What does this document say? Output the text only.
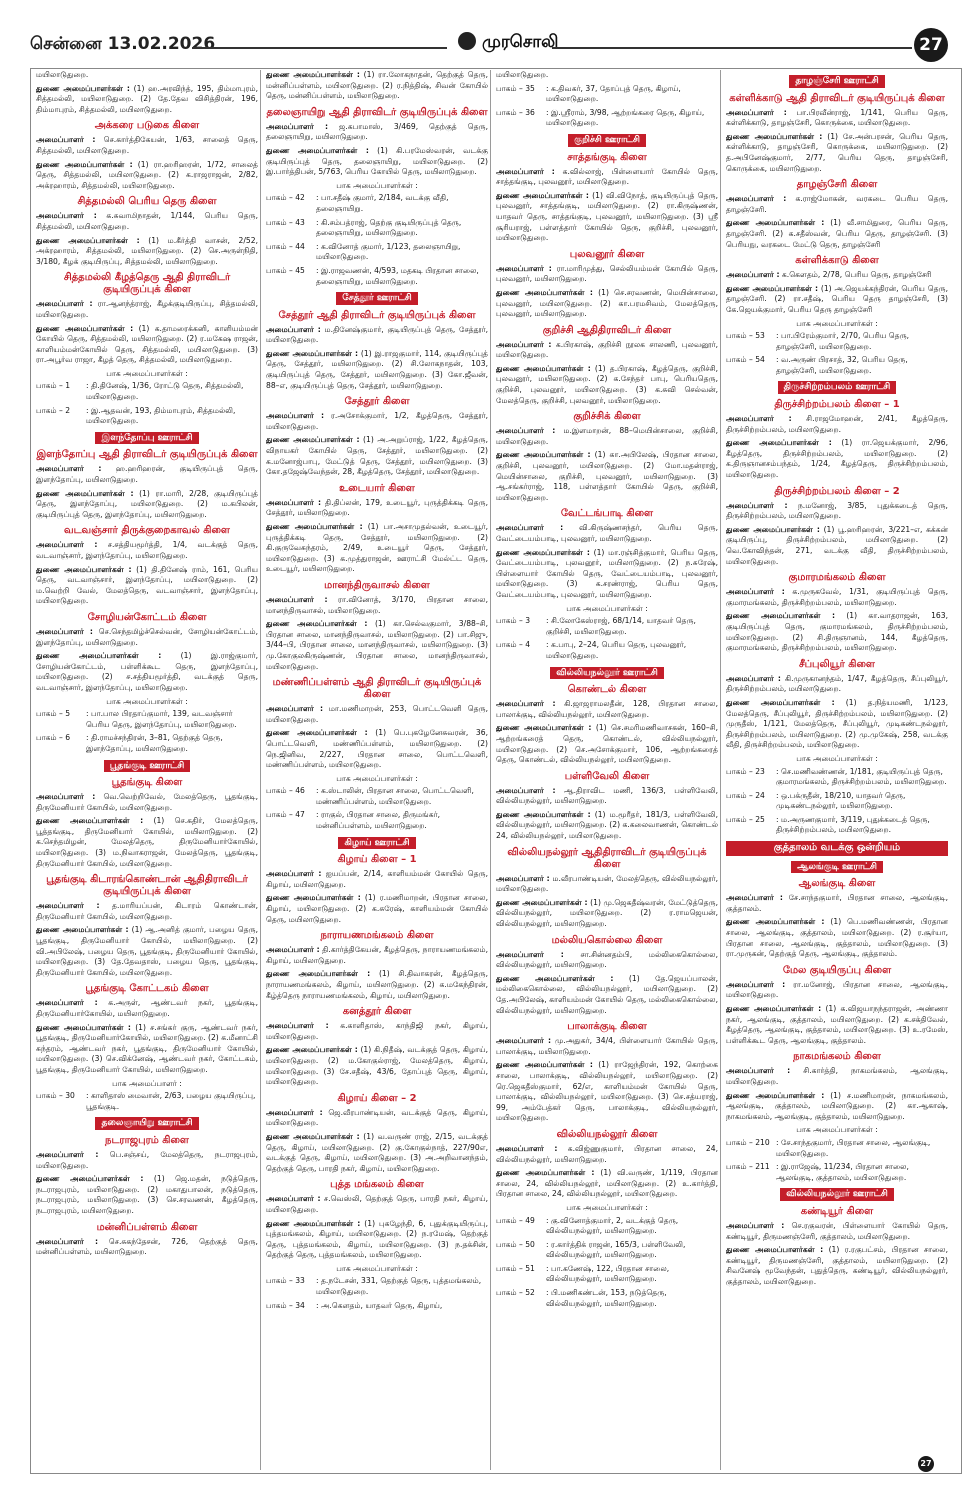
சென்னை 13.02.2026	முரசொலி	27

மயிலாடுதுறை.

துணை அமைப்பாளர்கள் : (1) ஹ.அரவிந்த், 195, திம்மாபுரம், சித்தமல்லி, மயிலாடுதுறை. (2) தே.தேவ விசித்திரன், 196, திம்மாபுரம், சித்தமல்லி, மயிலாடுதுறை.

அக்கரை படுகை கிளை

அமைப்பாளர் : செ.கார்த்திகேயன், 1/63, சாலைத் தெரு, சித்தமல்லி, மயிலாடுதுறை.

துணை அமைப்பாளர்கள் : (1) ரா.ஹரிஹரன், 1/72, சாலைத் தெரு, சித்தமல்லி, மயிலாடுதுறை. (2) க.ராஜராஜன், 2/82, அக்ரஹாரம், சித்தமல்லி, மயிலாடுதுறை.

சித்தமல்லி பெரிய தெரு கிளை

அமைப்பாளர் : க.சுவாமிநாதன், 1/144, பெரிய தெரு, சித்தமல்லி, மயிலாடுதுறை.

துணை அமைப்பாளர்கள் : (1) ம.கீர்த்தி வாசன், 2/52, அக்ரஹாரம், சித்தமல்லி, மயிலாடுதுறை. (2) செ.அருள்நிதி, 3/180, கீழக் குடியிருப்பு, சித்தமல்லி, மயிலாடுதுறை.

சித்தமல்லி கீழத்தெரு ஆதி திராவிடர் குடியிருப்புக் கிளை

அமைப்பாளர் : ரா.ஆனந்த்ராஜ், கீழக்குடியிருப்பு, சித்தமல்லி, மயிலாடுதுறை.

துணை அமைப்பாளர்கள் : (1) க.தாமரைக்கனி, காளியம்மன் கோயில் தெரு, சித்தமல்லி, மயிலாடுதுறை. (2) ர.மகேஷ ராஜன், காளியம்மன்கோயில் தெரு, சித்தமல்லி, மயிலாடுதுறை. (3) ரா.அபூர்வ ராஜா, கீழத் தெரு, சித்தமல்லி, மயிலாடுதுறை.

பாக அமைப்பாளர்கள் :
பாகம் – 1	: தி.தினேஷ், 1/36, ரோட்டு தெரு, சித்தமல்லி, மயிலாடுதுறை.
பாகம் – 2	: இ.ஆதவன், 193, திம்மாபுரம், சித்தமல்லி, மயிலாடுதுறை.
இளந்தோப்பு ஊராட்சி
இளந்தோப்பு ஆதி திராவிடர் குடியிருப்புக் கிளை

அமைப்பாளர் : ஹ.ஹரிஹரன், குடியிருப்புத் தெரு, இளந்தோப்பு, மயிலாடுதுறை.

துணை அமைப்பாளர்கள் : (1) ரா.மாரி, 2/28, குடியிருப்புத் தெரு, இளந்தோப்பு, மயிலாடுதுறை. (2) ம.கபிலன், குடியிருப்புத் தெரு, இளந்தோப்பு, மயிலாடுதுறை.

வடவஞ்சார் திருக்குறைகாவல் கிளை

அமைப்பாளர் : ச.சத்தியமூர்த்தி, 1/4, வடக்குத் தெரு, வடவாஞ்சார், இளந்தோப்பு, மயிலாடுதுறை.

துணை அமைப்பாளர்கள் : (1) தி.தினேஷ் ராம், 161, பெரிய தெரு, வடவாஞ்சார், இளந்தோப்பு, மயிலாடுதுறை. (2) ம.வெற்றி வேல், மேலத்தெரு, வடவாஞ்சார், இளந்தோப்பு, மயிலாடுதுறை.

சோழியன்கோட்டம் கிளை

அமைப்பாளர் : செ.செந்தமிழ்ச்செல்வன், சோழியன்கோட்டம், இளந்தோப்பு, மயிலாடுதுறை.

துணை அமைப்பாளர்கள் : (1) இ.ராஜ்குமார், சோழியன்கோட்டம், பள்ளிக்கூட தெரு, இளந்தோப்பு, மயிலாடுதுறை. (2) ச.சத்தியமூர்த்தி, வடக்குத் தெரு, வடவாஞ்சார், இளந்தோப்பு, மயிலாடுதுறை.

பாக அமைப்பாளர்கள் :
பாகம் – 5	: பா.பால பிரதாப்குமார், 139, வடவஞ்சார் பெரிய தெரு, இளந்தோப்பு, மயிலாடுதுறை.
பாகம் – 6	: தி.ராமச்சந்திரன், 3–81, தெற்குத் தெரு, இளந்தோப்பு, மயிலாடுதுறை.
பூதங்குடி ஊராட்சி
பூதங்குடி கிளை

அமைப்பாளர் : வெ.வெற்றிவேல், மேலத்தெரு, பூதங்குடி, திருமேனியார் கோயில், மயிலாடுதுறை.

துணை அமைப்பாளர்கள் : (1) செ.கதிர், மேலத்தெரு, பூத்தங்குடி, திருமேனியார் கோயில், மயிலாடுதுறை. (2) க.செந்தமிழன், மேலத்தெரு, திருமேனியார்கோயில், மயிலாடுதுறை. (3) ம.நிவாசுராஜன், மேலத்தெரு, பூதங்குடி, திருமேனியார் கோயில், மயிலாடுதுறை.

பூதங்குடி கிடாரங்கொண்டான் ஆதிதிராவிடர் குடியிருப்புக் கிளை

அமைப்பாளர் : த.மாரியப்பன், கிடாரம் கொண்டான், திருமேனியார் கோயில், மயிலாடுதுறை.

துணை அமைப்பாளர்கள் : (1) ஆ.அனித் குமார், பழைய தெரு, பூதங்குடி, திருமேனியார் கோயில், மயிலாடுதுறை. (2) வி.அபிலேஷ், பழைய தெரு, பூதங்குடி, திருமேனியார் கோயில், மயிலாடுதுறை. (3) தே.தேவதாஸ், பழைய தெரு, பூதங்குடி, திருமேனியார் கோயில், மயிலாடுதுறை.

பூதங்குடி கோட்டகம் கிளை

அமைப்பாளர் : க.அருள், ஆண்டவர் நகர், பூதங்குடி, திருமேனியார்கோயில், மயிலாடுதுறை.

துணை அமைப்பாளர்கள் : (1) ச.சங்கர் குரு, ஆண்டவர் நகர், பூதங்குடி, திருமேனியார்கோயில், மயிலாடுதுறை. (2) க.மீனாட்சி சுந்தரம், ஆண்டவர் நகர், பூதங்குடி, திருமேனியார் கோயில், மயிலாடுதுறை. (3) செ.விக்னேஷ், ஆண்டவர் நகர், கோட்டகம், பூதங்குடி, திருமேனியார் கோயில், மயிலாடுதுறை.

பாக அமைப்பாளர் :
பாகம் – 30	: காளிதாஸ் மைவான், 2/63, பழைய குடியிருப்பு, பூதங்குடி.
தலைஞாயிறு ஊராட்சி
நடராஜபுரம் கிளை

அமைப்பாளர் : பெ.சஞ்சய், மேலத்தெரு, நடராஜபுரம், மயிலாடுதுறை.

துணை அமைப்பாளர்கள் : (1) ஜெ.மதன், நடுத்தெரு, நடராஜபுரம், மயிலாடுதுறை. (2) மகாதுபாலன், நடுத்தெரு, நடராஜபுரம், மயிலாடுதுறை. (3) செ.சரவணன், கீழத்தெரு, நடராஜபுரம், மயிலாடுதுறை.

மன்னிப்பள்ளம் கிளை

அமைப்பாளர் : செ.சுகந்தேசன், 726, தெற்குத் தெரு, மன்னிப்பள்ளம், மயிலாடுதுறை.

துணை அமைப்பாளர்கள் : (1) ரா.லோகநாதன், தெற்குத் தெரு, மன்னிப்பள்ளம், மயிலாடுதுறை. (2) ர.நித்திஷ், சிவன் கோயில் தெரு, மன்னிப்பள்ளம், மயிலாடுதுறை.

தலைஞாயிறு ஆதி திராவிடர் குடியிருப்புக் கிளை

அமைப்பாளர் : ஜ.கபாமாஸ், 3/469, தெற்குத் தெரு, தலைஞாயிறு, மயிலாடுதுறை.

துணை அமைப்பாளர்கள் : (1) கி.பரமேஸ்வரன், வடக்கு குடியிருப்புத் தெரு, தலைஞாயிறு, மயிலாடுதுறை. (2) இ.பார்த்திபன், 5/763, பெரிய கோயில் தெரு, மயிலாடுதுறை.

பாக அமைப்பாளர்கள் :
பாகம் – 42	: பா.சதீஷ் குமார், 2/184, வடக்கு வீதி, தலைஞாயிறு.
பாகம் – 43	: கி.சம்பத்ராஜ், தெற்கு குடியிருப்புத் தெரு, தலைஞாயிறு, மயிலாடுதுறை.
பாகம் – 44	: க.வினோத் குமார், 1/123, தலைஞாயிறு, மயிலாடுதுறை.
பாகம் – 45	: இ.ராஜவணன், 4/593, மதகடி பிரதான சாலை, தலைஞாயிறு, மயிலாடுதுறை.
சேத்தூர் ஊராட்சி
சேத்தூர் ஆதி திராவிடர் குடியிருப்புக் கிளை

அமைப்பாளர் : ம.தினேஷ்குமார், குடியிருப்புத் தெரு, சேத்தூர், மயிலாடுதுறை.

துணை அமைப்பாளர்கள் : (1) இ.ராஜகுமார், 114, குடியிருப்புத் தெரு, சேத்தூர், மயிலாடுதுறை. (2) சி.லோகநாதன், 103, குடியிருப்புத் தெரு, சேத்தூர், மயிலாடுதுறை. (3) கோ.ஜீவன், 88–எ, குடியிருப்புத் தெரு, சேத்தூர், மயிலாடுதுறை.

சேத்தூர் கிளை

அமைப்பாளர் : ர.அசோக்குமார், 1/2, கீழத்தெரு, சேத்தூர், மயிலாடுதுறை.

துணை அமைப்பாளர்கள் : (1) அ.அறுப்ராஜ், 1/22, கீழத்தெரு, விநாயகர் கோயில் தெரு, சேத்தூர், மயிலாடுதுறை. (2) க.மனோஜ்பாபு, மேட்டுத் தெரு, சேத்தூர், மயிலாடுதுறை. (3) கோ.தஜேஷ்வேந்தன், 28, கீழத்தெரு, சேத்தூர், மயிலாடுதுறை.

உடையார் கிளை

அமைப்பாளர் : தி.திப்லன், 179, உடையூர், புருத்திக்கடி தெரு, சேத்தூர், மயிலாடுதுறை.

துணை அமைப்பாளர்கள் : (1) பா.அசாமுதல்வன், உடையூர், புருத்திக்கடி தெரு, சேத்தூர், மயிலாடுதுறை. (2) கி.குருவேசுந்தரம், 2/49, உடையூர் தெரு, சேத்தூர், மயிலாடுதுறை. (3) க.முத்துராஜன், ஊராட்சி மேல்ட்ட தெரு, உடையூர், மயிலாடுதுறை.

மானந்திருவாசல் கிளை

அமைப்பாளர் : ரா.வினோத், 3/170, பிரதான சாலை, மானந்திருவாசல், மயிலாடுதுறை.

துணை அமைப்பாளர்கள் : (1) கா.செல்வகுமார், 3/88–சி, பிரதான சாலை, மானந்திருவாசல், மயிலாடுதுறை. (2) பா.சிஜு, 3/44–பி, பிரதான சாலை, மானந்திருவாசல், மயிலாடுதுறை. (3) மு.கோகுலகிருஷ்ணன், பிரதான சாலை, மானந்திருவாசல், மயிலாடுதுறை.

மண்ணிப்பள்ளம் ஆதி திராவிடர் குடியிருப்புக் கிளை

அமைப்பாளர் : மா.மணிமாறன், 253, பொட்டவெளி தெரு, மயிலாடுதுறை.

துணை அமைப்பாளர்கள் : (1) பெ.புகழேனேசுவரன், 36, பொட்டவெளி, மண்ணிப்பள்ளம், மயிலாடுதுறை. (2) நெ.ஜினிவ, 2/227, பிரதான சாலை, பொட்டவெளி, மண்ணிப்பள்ளம், மயிலாடுதுறை.

பாக அமைப்பாளர்கள் :
பாகம் – 46	: க.ஸ்டாலின், பிரதான சாலை, பொட்டவெளி, மண்ணிப்பள்ளம், மயிலாடுதுறை.
பாகம் – 47	: ராகுல், பிரதான சாலை, திருமங்கர், மன்னிப்பள்ளம், மயிலாடுதுறை.
கிழாய் ஊராட்சி
கிழாய் கிளை – 1

அமைப்பாளர் : ஐயப்பன், 2/14, காளியம்மன் கோயில் தெரு, கிழாய், மயிலாடுதுறை.

துணை அமைப்பாளர்கள் : (1) ர.மணிமாறன், பிரதான சாலை, கிழாய், மயிலாடுதுறை. (2) க.சுரேஷ், காளியம்மன் கோயில் தெரு, மயிலாடுதுறை.

நாராயணமங்கலம் கிளை

அமைப்பாளர் : தி.கார்த்திகேயன், கீழத்தெரு, நாராயணமங்கலம், கிழாய், மயிலாடுதுறை.

துணை அமைப்பாளர்கள் : (1) சி.திவாகரன், கீழத்தெரு, நாராயணமங்கலம், கிழாய், மயிலாடுதுறை. (2) க.மகேந்திரன், கீழ்த்தெரு நாராயணமங்கலம், கிழாய், மயிலாடுதுறை.

கனத்தூர் கிளை

அமைப்பாளர் : க.காளிதாஸ், காந்திஜி நகர், கிழாய், மயிலாடுதுறை.

துணை அமைப்பாளர்கள் : (1) கி.நிதீஷ், வடக்குத் தெரு, கிழாய், மயிலாடுதுறை. (2) ம.கோகுல்ராஜ், மேலத்தெரு, கிழாய், மயிலாடுதுறை. (3) சே.சதீஷ், 43/6, தோப்புத் தெரு, கிழாய், மயிலாடுதுறை.

கிழாய் கிளை – 2

அமைப்பாளர் : ஜெ.வீரபாண்டியன், வடக்குத் தெரு, கிழாய், மயிலாடுதுறை.

துணை அமைப்பாளர்கள் : (1) வ.வருண் ராஜ், 2/15, வடக்குத் தெரு, கிழாய், மயிலாடுதுறை. (2) கு.கோகுல்நாத், 227/90எ, வடக்குத் தெரு, கிழாய், மயிலாடுதுறை. (3) அ.அறிவானந்தம், தெற்குத் தெரு, பாரதி நகர், கிழாய், மயிலாடுதுறை.

புத்த மங்கலம் கிளை

அமைப்பாளர் : ச.வெஸ்லி, தெற்குத் தெரு, பாரதி நகர், கிழாய், மயிலாடுதுறை.

துணை அமைப்பாளர்கள் : (1) புகழேந்தி, 6, புதுக்குடியிருப்பு, புத்தமங்கலம், கிழாய், மயிலாடுதுறை. (2) ந.ரமேஷ், தெற்குத் தெரு, புத்தமங்கலம், கிழாய், மயிலாடுதுறை. (3) ந.தக்சின், தெற்குத் தெரு, புத்தமங்கலம், மயிலாடுதுறை.

பாக அமைப்பாளர்கள் :
பாகம் – 33	: த.நடேசன், 331, தெற்குத் தெரு, புத்தமங்கலம், மயிலாடுதுறை.
பாகம் – 34	: அ.கௌதம், யாதவர் தெரு, கிழாய்,

மயிலாடுதுறை.

பாகம் – 35	: க.திவகர், 37, தோப்புத் தெரு, கிழாய், மயிலாடுதுறை.
பாகம் – 36	: இ.ஸ்ரீராம், 3/98, ஆற்றங்கரை தெரு, கிழாய், மயிலாடுதுறை.
குறிச்சி ஊராட்சி
சாத்தங்குடி கிளை

அமைப்பாளர் : க.வில்லாஜ், பிள்ளையார் கோயில் தெரு, சாத்தங்குடி, புலவனூர், மயிலாடுதுறை.

துணை அமைப்பாளர்கள் : (1) வி.விநோத், குடியிருப்புத் தெரு, புலவனூர், சாத்தங்குடி, மயிலாடுதுறை. (2) ரா.கிருஷ்ணன், யாதவர் தெரு, சாத்தங்குடி, புலவனூர், மயிலாடுதுறை. (3) ஸ்ரீ சூரியராஜ், பள்ளத்தார் கோயில் தெரு, குறிச்சி, புலவனூர், மயிலாடுதுறை.

புலவனூர் கிளை

அமைப்பாளர் : ரா.மாரிமுத்து, செல்லியம்மன் கோயில் தெரு, புலவனூர், மயிலாடுதுறை.

துணை அமைப்பாளர்கள் : (1) செ.சரவணன், மெயின்சாலை, புலவனூர், மயிலாடுதுறை. (2) கா.பரமசிவம், மேலத்தெரு, புலவனூர், மயிலாடுதுறை.

குறிச்சி ஆதிதிராவிடர் கிளை

அமைப்பாளர் : க.பிரகாஷ், குறிச்சி நூலக சாலணி, புலவனூர், மயிலாடுதுறை.

துணை அமைப்பாளர்கள் : (1) த.பிரகாஷ், கீழத்தெரு, குறிச்சி, புலவனூர், மயிலாடுதுறை. (2) க.சேந்தர் பாபு, பெரியதெரு, குறிச்சி, புலவனூர், மயிலாடுதுறை. (3) க.சுவி செல்வன், மேலத்தெரு, குறிச்சி, புலவனூர், மயிலாடுதுறை.

குறிச்சிக் கிளை

அமைப்பாளர் : ம.இளமாறன், 88–மெயின்சாலை, குறிச்சி, மயிலாடுதுறை.

துணை அமைப்பாளர்கள் : (1) கா.அபிலேஷ், பிரதான சாலை, குறிச்சி, புலவனூர், மயிலாடுதுறை. (2) மோ.மதன்ராஜ், மெயின்சாலை, குறிச்சி, புலவனூர், மயிலாடுதுறை. (3) ஆ.சங்கர்ராஜ், 118, பள்ளத்தார் கோயில் தெரு, குறிச்சி, மயிலாடுதுறை.

வேட்டங்பாடி கிளை

அமைப்பாளர் : வி.கிருஷ்ணசந்தர், பெரிய தெரு, வேட்டையம்பாடி, புலவனூர், மயிலாடுதுறை.

துணை அமைப்பாளர்கள் : (1) மா.ரஞ்சித்குமார், பெரிய தெரு, வேட்டையம்பாடி, புலவனூர், மயிலாடுதுறை. (2) ந.சுரேஷ், பிள்ளையார் கோயில் தெரு, வேட்டையம்பாடி, புலவனூர், மயிலாடுதுறை. (3) க.சரண்ராஜ், பெரிய தெரு, வேட்டையம்பாடி, புலவனூர், மயிலாடுதுறை.

பாக அமைப்பாளர்கள் :
பாகம் – 3	: சி.லோகேஸ்ராஜ், 68/1/14, யாதவர் தெரு, குறிச்சி, மயிலாடுதுறை.
பாகம் – 4	: க.பாபு, 2–24, பெரிய தெரு, புலவனூர், மயிலாடுதுறை.
வில்லியநல்லூர் ஊராட்சி
கொண்டல் கிளை

அமைப்பாளர் : கி.ஜாஜராமலதீன், 128, பிரதான சாலை, பாலாக்குடி, வில்லியநல்லூர், மயிலாடுதுறை.

துணை அமைப்பாளர்கள் : (1) செ.சமரிமணிவாசகன், 160–சி, ஆற்றங்கரைத் தெரு, கொண்டல், வில்லியநல்லூர், மயிலாடுதுறை. (2) செ.அசோக்குமார், 106, ஆற்றங்கரைத் தெரு, கொண்டல், வில்லியநல்லூர், மயிலாடுதுறை.

பள்ளிவேலி கிளை

அமைப்பாளர் : ஆ.திராவிட மணி, 136/3, பள்ளிவேலி, வில்லியநல்லூர், மயிலாடுதுறை.

துணை அமைப்பாளர்கள் : (1) ம.மூரீதர், 181/3, பள்ளிவேலி, வில்லியநல்லூர், மயிலாடுதுறை. (2) க.கலைவாணன், கொண்டல் 24, வில்லியநல்லூர், மயிலாடுதுறை.

வில்லியநல்லூர் ஆதிதிராவிடர் குடியிருப்புக் கிளை

அமைப்பாளர் : ம.வீரபாண்டியன், மேலத்தெரு, வில்லியநல்லூர், மயிலாடுதுறை.

துணை அமைப்பாளர்கள் : (1) மு.ஜெகதீஷ்வரன், மேட்டுத்தெரு, வில்லியநல்லூர், மயிலாடுதுறை. (2) ர.ராமஜெயன், வில்லியநல்லூர், மயிலாடுதுறை.

மல்லியகொல்லை கிளை

அமைப்பாளர் : சா.சின்னதம்பி, மல்லிகைகொல்லை, வில்லியநல்லூர், மயிலாடுதுறை.

துணை அமைப்பாளர்கள் : (1) தே.ஜெயப்பாலன், மல்லிகைகொல்லை, வில்லியநல்லூர், மயிலாடுதுறை. (2) தே.அபிலேஷ், காளியம்மன் கோயில் தெரு, மல்லிகைகொல்லை, வில்லியநல்லூர், மயிலாடுதுறை.

பாலாக்குடி கிளை

அமைப்பாளர் : மு.அதுகர், 34/4, பிள்ளையார் கோயில் தெரு, பாலாக்குடி, மயிலாடுதுறை.

துணை அமைப்பாளர்கள் : (1) ராஜேந்திரன், 192, கொற்கை சாலை, பாலாக்குடி, வில்லியநல்லூர், மயிலாடுதுறை. (2) ரெ.ஜெகதீஸ்குமார், 62/எ, காளியம்மன் கோயில் தெரு, பாலாக்குடி, வில்லியநல்லூர், மயிலாடுதுறை. (3) செ.சத்யராஜ், 99, அம்பேத்கர் தெரு, பாலாக்குடி, வில்லியநல்லூர், மயிலாடுதுறை.

வில்லியநல்லூர் கிளை

அமைப்பாளர் : க.விஜ்ணுகுமார், பிரதான சாலை, 24, வில்லியநல்லூர், மயிலாடுதுறை.

துணை அமைப்பாளர்கள் : (1) வி.வருண், 1/119, பிரதான சாலை, 24, வில்லியநல்லூர், மயிலாடுதுறை. (2) உ.கார்த்தி, பிரதான சாலை, 24, வில்லியநல்லூர், மயிலாடுதுறை.

பாக அமைப்பாளர்கள் :
பாகம் – 49	: கு.வினோத்குமார், 2, வடக்குத் தெரு, வில்லியநல்லூர், மயிலாடுதுறை.
பாகம் – 50	: ர.கார்த்திக் ராஜன், 165/3, பள்ளிவேலி, வில்லியநல்லூர், மயிலாடுதுறை.
பாகம் – 51	: பா.கணேஷ், 122, பிரதான சாலை, வில்லியநல்லூர், மயிலாடுதுறை.
பாகம் – 52	: பி.மணிகண்டன், 153, நடுத்தெரு, வில்லியநல்லூர், மயிலாடுதுறை.
தாழஞ்சேரி ஊராட்சி
கள்ளிக்காடு ஆதி திராவிடர் குடியிருப்புக் கிளை

அமைப்பாளர் : பா.பிரவீன்ராஜ், 1/141, பெரிய தெரு, கள்ளிக்காடு, தாழஞ்சேரி, கொருக்கை, மயிலாடுதுறை.

துணை அமைப்பாளர்கள் : (1) சே.அன்பரசன், பெரிய தெரு, கள்ளிக்காடு, தாழஞ்சேரி, கொருக்கை, மயிலாடுதுறை. (2) த.அபினேஷ்குமார், 2/77, பெரிய தெரு, தாழஞ்சேரி, கொருக்கை, மயிலாடுதுறை.

தாழஞ்சேரி கிளை

அமைப்பாளர் : க.ராஜ்மோகன், வரகடை பெரிய தெரு, தாழஞ்சேரி.

துணை அமைப்பாளர்கள் : (1) வீ.சாமிதுரை, பெரிய தெரு, தாழஞ்சேரி. (2) க.சதீஸ்வன், பெரிய தெரு, தாழஞ்சேரி. (3) பெரியநு, வரகடை மேட்டு தெரு, தாழஞ்சேரி

கள்ளிக்காடு கிளை

அமைப்பாளர் : க.கௌதம், 2/78, பெரிய தெரு, தாழஞ்சேரி

துணை அமைப்பாளர்கள் : (1) அ.ஜெயக்கந்திரன், பெரிய தெரு, தாழஞ்சேரி. (2) ரா.சதீஷ், பெரிய தெரு தாழஞ்சேரி, (3) கே.ஜெயக்குமார், பெரிய தெரு தாழஞ்சேரி

பாக அமைப்பாளர்கள் :
பாகம் – 53	: பா.பிரேம்குமார், 2/70, பெரிய தெரு, தாழஞ்சேரி, மயிலாடுதுறை.
பாகம் – 54	: வ.அருண் பிரசாத், 32, பெரிய தெரு, தாழஞ்சேரி, மயிலாடுதுறை.
திருச்சிற்றம்பலம் ஊராட்சி
திருச்சிற்றம்பலம் கிளை – 1

அமைப்பாளர் : சி.ராஜமோஹன், 2/41, கீழத்தெரு, திருச்சிற்றம்பலம், மயிலாடுதுறை.

துணை அமைப்பாளர்கள் : (1) ரா.ஜெயக்குமார், 2/96, கீழத்தெரு, திருச்சிற்றம்பலம், மயிலாடுதுறை. (2) க.திருஞானசம்பந்தம், 1/24, கீழத்தெரு, திருச்சிற்றம்பலம், மயிலாடுதுறை.

திருச்சிற்றம்பலம் கிளை – 2

அமைப்பாளர் : ந.மனோஜ், 3/85, புதுக்கடைத் தெரு, திருச்சிற்றம்பலம், மயிலாடுதுறை.

துணை அமைப்பாளர்கள் : (1) பூ.ஹரிஹரன், 3/221–எ, கக்கன் குடியிருப்பு, திருச்சிற்றம்பலம், மயிலாடுதுறை. (2) வெ.கோவிந்தன், 271, வடக்கு வீதி, திருச்சிற்றம்பலம், மயிலாடுதுறை.

குமாரமங்கலம் கிளை

அமைப்பாளர் : க.முருகவேல், 1/31, குடியிருப்புத் தெரு, குமாரமங்கலம், திருச்சிற்றம்பலம், மயிலாடுதுறை.

துணை அமைப்பாளர்கள் : (1) கா.வாதராஜன், 163, குடியிருப்புத் தெரு, குமாரமங்கலம், திருச்சிற்றம்பலம், மயிலாடுதுறை. (2) சி.திருஞானம், 144, கீழத்தெரு, குமாரமங்கலம், திருச்சிற்றம்பலம், மயிலாடுதுறை.

சீப்புலியூர் கிளை

அமைப்பாளர் : கி.முருகானந்தம், 1/47, கீழத்தெரு, சீப்புலியூர், திருச்சிற்றம்பலம், மயிலாடுதுறை.

துணை அமைப்பாளர்கள் : (1) த.நித்யமணி, 1/123, மேலத்தெரு, சீப்புலியூர், திருச்சிற்றம்பலம், மயிலாடுதுறை. (2) முருதீஸ், 1/121, மேலத்தெரு, சீப்புலியூர், முடிகண்டநல்லூர், திருச்சிற்றம்பலம், மயிலாடுதுறை. (2) மு.முகேஷ், 258, வடக்கு வீதி, திருச்சிற்றம்பலம், மயிலாடுதுறை.

பாக அமைப்பாளர்கள் :
பாகம் – 23	: செ.மணிவண்ணன், 1/181, குடியிருப்புத் தெரு, குமாரமங்கலம், திருச்சிற்றம்பலம், மயிலாடுதுறை.
பாகம் – 24	: ஒ.பக்ருதீன், 18/210, யாதவர் தெரு, முடிகண்டநல்லூர், மயிலாடுதுறை.
பாகம் – 25	: ம.அருணகுமார், 3/119, புதுக்கடைத் தெரு, திருச்சிற்றம்பலம், மயிலாடுதுறை.
குத்தாலம் வடக்கு ஒன்றியம்
ஆலங்குடி ஊராட்சி
ஆலங்குடி கிளை

அமைப்பாளர் : சே.சாந்தகுமார், பிரதான சாலை, ஆலங்குடி, குத்தாலம்.

துணை அமைப்பாளர்கள் : (1) பெ.மணிவண்ணன், பிரதான சாலை, ஆலங்குடி, குத்தாலம், மயிலாடுதுறை. (2) ர.சூர்யா, பிரதான சாலை, ஆலங்குடி, குத்தாலம், மயிலாடுதுறை. (3) ரா.முருகன், தெற்குத் தெரு, ஆலங்குடி, குத்தாலம்.

மேல குடியிருப்பு கிளை

அமைப்பாளர் : ரா.மனோஜ், பிரதான சாலை, ஆலங்குடி, மயிலாடுதுறை.

துணை அமைப்பாளர்கள் : (1) க.விஜயாநந்தராஜன், அண்ணா நகர், ஆலங்குடி, குத்தாலம், மயிலாடுதுறை. (2) க.சக்திவேல், கீழத்தெரு, ஆலங்குடி, குத்தாலம், மயிலாடுதுறை. (3) உ.ரமேஸ், பள்ளிக்கூட தெரு, ஆலங்குடி, குத்தாலம்.

நாகமங்கலம் கிளை

அமைப்பாளர் : சி.கார்த்தி, நாகமங்கலம், ஆலங்குடி, மயிலாடுதுறை.

துணை அமைப்பாளர்கள் : (1) ச.மணிமாறன், நாகமங்கலம், ஆலங்குடி, குத்தாலம், மயிலாடுதுறை. (2) கா.ஆகாஷ், நாகமங்கலம், ஆலங்குடி, குத்தாலம், மயிலாடுதுறை.

பாக அமைப்பாளர்கள் :
பாகம் – 210 : சே.சாந்தகுமார், பிரதான சாலை, ஆலங்குடி, மயிலாடுதுறை.
பாகம் – 211 : இ.ராஜேஷ், 11/234, பிரதான சாலை, ஆலங்குடி, குத்தாலம், மயிலாடுதுறை.
வில்லியநல்லூர் ஊராட்சி
கண்டியூர் கிளை

அமைப்பாளர் : செ.ரகுவரன், பிள்ளையார் கோயில் தெரு, கண்டியூர், திருமணஞ்சேரி, குத்தாலம், மயிலாடுதுறை.

துணை அமைப்பாளர்கள் : (1) ர.ரகுபட்சம், பிரதான சாலை, கண்டியூர், திருமணஞ்சேரி, குத்தாலம், மயிலாடுதுறை. (2) சிவனேஷ் மூவேந்தன், புதுத்தெரு, கண்டியூர், வில்லியநல்லூர், குத்தாலம், மயிலாடுதுறை.

27
